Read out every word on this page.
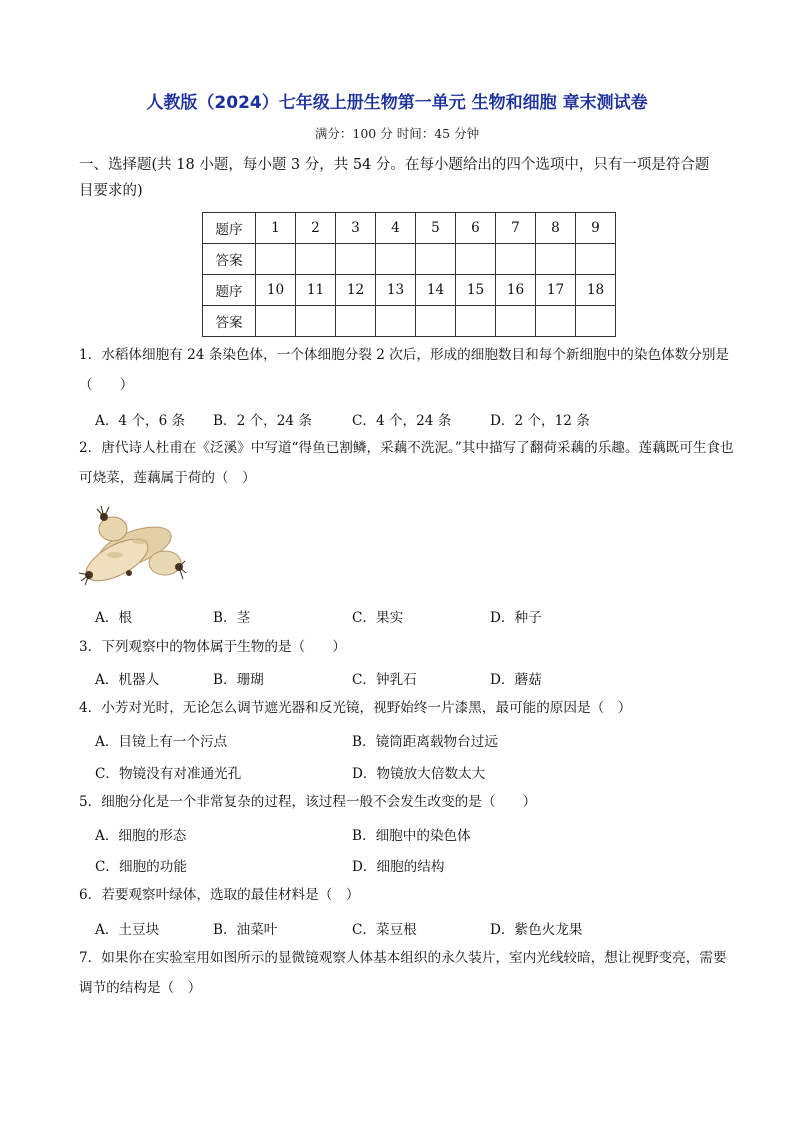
人教版（2024）七年级上册生物第一单元 生物和细胞 章末测试卷
满分：100 分 时间：45 分钟
一、选择题(共 18 小题，每小题 3 分，共 54 分。在每小题给出的四个选项中，只有一项是符合题
目要求的)
题序	1	2	3	4	5	6	7	8	9
答案									
题序	10	11	12	13	14	15	16	17	18
答案									
1．水稻体细胞有 24 条染色体，一个体细胞分裂 2 次后，形成的细胞数目和每个新细胞中的染色体数分别是
（　　）
A．4 个，6 条 B．2 个，24 条	C．4 个，24 条	D．2 个，12 条
2．唐代诗人杜甫在《泛溪》中写道“得鱼已割鳞，采藕不洗泥。”其中描写了翻荷采藕的乐趣。莲藕既可生食也
可烧菜，莲藕属于荷的（　）
A．根	B．茎	C．果实	D．种子
3．下列观察中的物体属于生物的是（　　）
A．机器人	B．珊瑚	C．钟乳石	D．蘑菇
4．小芳对光时，无论怎么调节遮光器和反光镜，视野始终一片漆黑，最可能的原因是（　）
A．目镜上有一个污点	B．镜筒距离载物台过远
C．物镜没有对准通光孔	D．物镜放大倍数太大
5．细胞分化是一个非常复杂的过程，该过程一般不会发生改变的是（　　）
A．细胞的形态	B．细胞中的染色体
C．细胞的功能	D．细胞的结构
6．若要观察叶绿体，选取的最佳材料是（　）
A．土豆块	B．油菜叶	C．菜豆根	D．紫色火龙果
7．如果你在实验室用如图所示的显微镜观察人体基本组织的永久装片，室内光线较暗，想让视野变亮，需要
调节的结构是（　）
